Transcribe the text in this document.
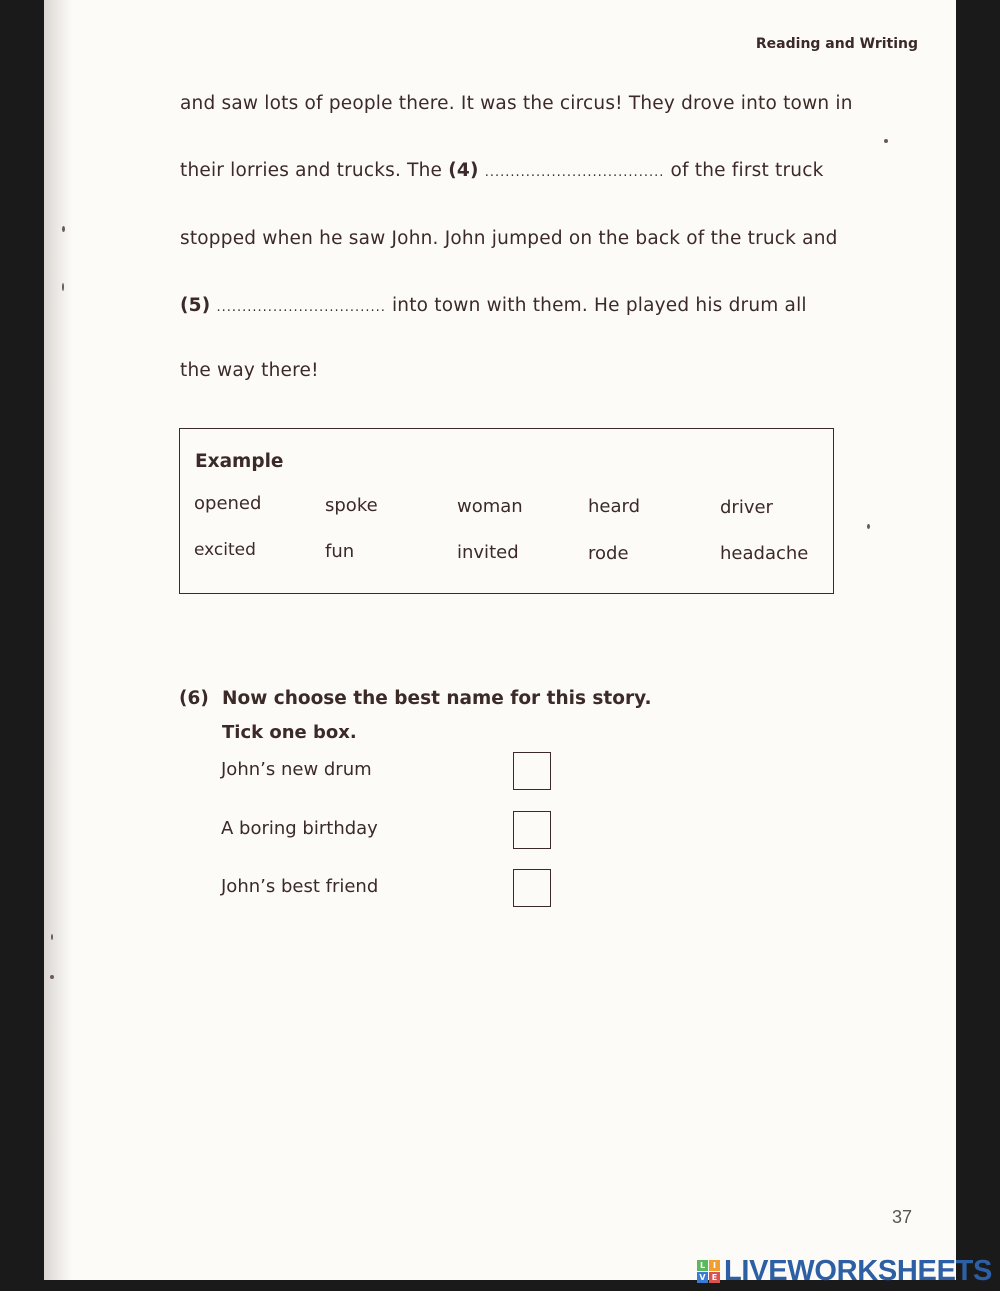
Reading and Writing
and saw lots of people there. It was the circus! They drove into town in
their lorries and trucks. The (4) ................................... of the first truck
stopped when he saw John. John jumped on the back of the truck and
(5) ................................. into town with them. He played his drum all
the way there!
Example
opened	spoke	woman	heard	driver
excited	fun	invited	rode	headache
(6) Now choose the best name for this story.
Tick one box.
John’s new drum
A boring birthday
John’s best friend
37
L I
V E LIVEWORKSHEETS
